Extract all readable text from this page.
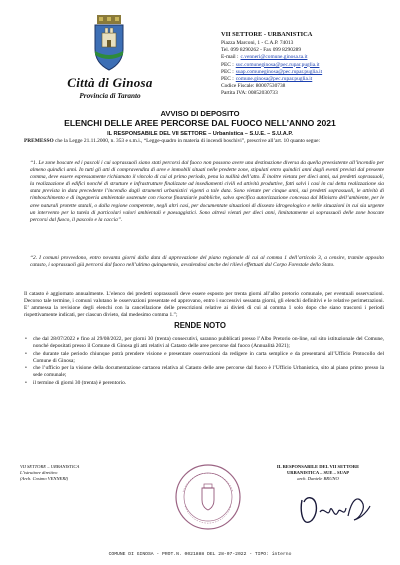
Città di Ginosa
Provincia di Taranto
VII SETTORE - URBANISTICA
Piazza Marconi, 1 - C.A.P. 74013
Tel. 099 8290262 - Fax 099 8290289
E-mail : c.venneri@comune.ginosa.ta.it
PEC : suc.comuneginosa@pec.rupar.puglia.it
PEC : suap.comuneginosa@pec.rupar.puglia.it
PEC : comune.ginosa@pec.rupar.puglia.it
Codice Fiscale: 80007530738
Partita IVA: 00852030733
AVVISO DI DEPOSITO
ELENCHI DELLE AREE PERCORSE DAL FUOCO NELL’ANNO 2021
IL RESPONSABILE DEL VII SETTORE – Urbanistica – S.U.E. – S.U.A.P.
PREMESSO che la Legge 21.11.2000, n. 353 e s.m.i., “Legge-quadro in materia di incendi boschivi”, prescrive all’art. 10 quanto segue:
“1. Le zone boscate ed i pascoli i cui soprassuoli siano stati percorsi dal fuoco non possono avere una destinazione diversa da quella preesistente all’incendio per almeno quindici anni. In tutti gli atti di compravendita di aree e immobili situati nelle predette zone, stipulati entro quindici anni dagli eventi previsti dal presente comma, deve essere espressamente richiamato il vincolo di cui al primo periodo, pena la nullità dell’atto. È inoltre vietata per dieci anni, sui predetti soprassuoli, la realizzazione di edifici nonché di strutture e infrastrutture finalizzate ad insediamenti civili ed attività produttive, fatti salvi i casi in cui detta realizzazione sia stata prevista in data precedente l’incendio dagli strumenti urbanistici vigenti a tale data. Sono vietate per cinque anni, sui predetti soprassuoli, le attività di rimboschimento e di ingegneria ambientale sostenute con risorse finanziarie pubbliche, salvo specifica autorizzazione concessa dal Ministro dell’ambiente, per le aree naturali protette statali, o dalla regione competente, negli altri casi, per documentate situazioni di dissesto idrogeologico e nelle situazioni in cui sia urgente un intervento per la tutela di particolari valori ambientali e paesaggistici. Sono altresì vietati per dieci anni, limitatamente ai soprassuoli delle zone boscate percorsi dal fuoco, il pascolo e la caccia”.
“2. I comuni provvedono, entro novanta giorni dalla data di approvazione del piano regionale di cui al comma 1 dell’articolo 3, a censire, tramite apposito catasto, i soprassuoli già percorsi dal fuoco nell’ultimo quinquennio, avvalendosi anche dei rilievi effettuati dal Corpo Forestale dello Stato.
Il catasto è aggiornato annualmente. L’elenco dei predetti soprassuoli deve essere esposto per trenta giorni all’albo pretorio comunale, per eventuali osservazioni. Decorso tale termine, i comuni valutano le osservazioni presentate ed approvano, entro i successivi sessanta giorni, gli elenchi definitivi e le relative perimetrazioni. E’ ammessa la revisione degli elenchi con la cancellazione delle prescrizioni relative ai divieti di cui al comma 1 solo dopo che siano trascorsi i periodi rispettivamente indicati, per ciascun divieto, dal medesimo comma 1.”;
RENDE NOTO
• che dal 28/07/2022 e fino al 29/08/2022, per giorni 30 (trenta) consecutivi, saranno pubblicati presso l’Albo Pretorio on-line, sul sito istituzionale del Comune, nonché depositati presso il Comune di Ginosa gli atti relativi al Catasto delle aree percorse dal fuoco (Annualità 2021);
• che durante tale periodo chiunque potrà prendere visione e presentare osservazioni da redigere in carta semplice e da presentarsi all’Ufficio Protocollo del Comune di Ginosa;
• che l’ufficio per la visione della documentazione cartacea relativa al Catasto delle aree percorse dal fuoco è l’Ufficio Urbanistica, sito al piano primo presso la sede comunale;
• il termine di giorni 30 (trenta) è perentorio.
VII SETTORE – URBANISTICA
L’istruttore direttivo
(Arch. Cosimo VENNERI)
IL RESPONSABILE DEL VII SETTORE
URBANISTICA – SUE – SUAP
arch. Daniele BRUNO
COMUNE DI GINOSA - PROT.N. 0021888 DEL 28-07-2022 - TIPO: interno
